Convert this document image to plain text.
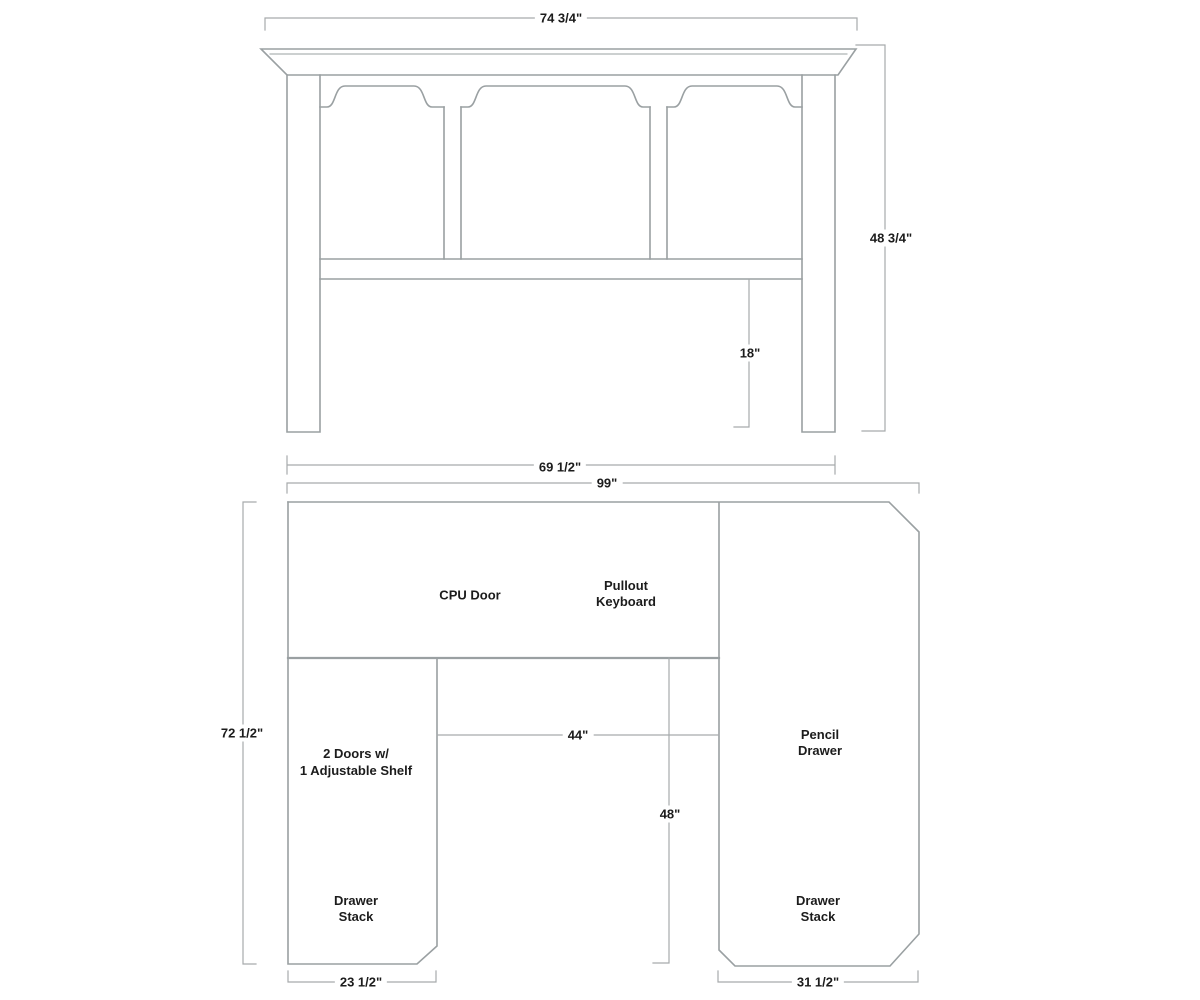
74 3/4"
48 3/4"
18"
69 1/2"
99"
72 1/2"	44"
48"
23 1/2"	31 1/2"
CPU Door
Pullout
Keyboard
2 Doors w/
1 Adjustable Shelf
Drawer
Stack
Pencil
Drawer
Drawer
Stack
